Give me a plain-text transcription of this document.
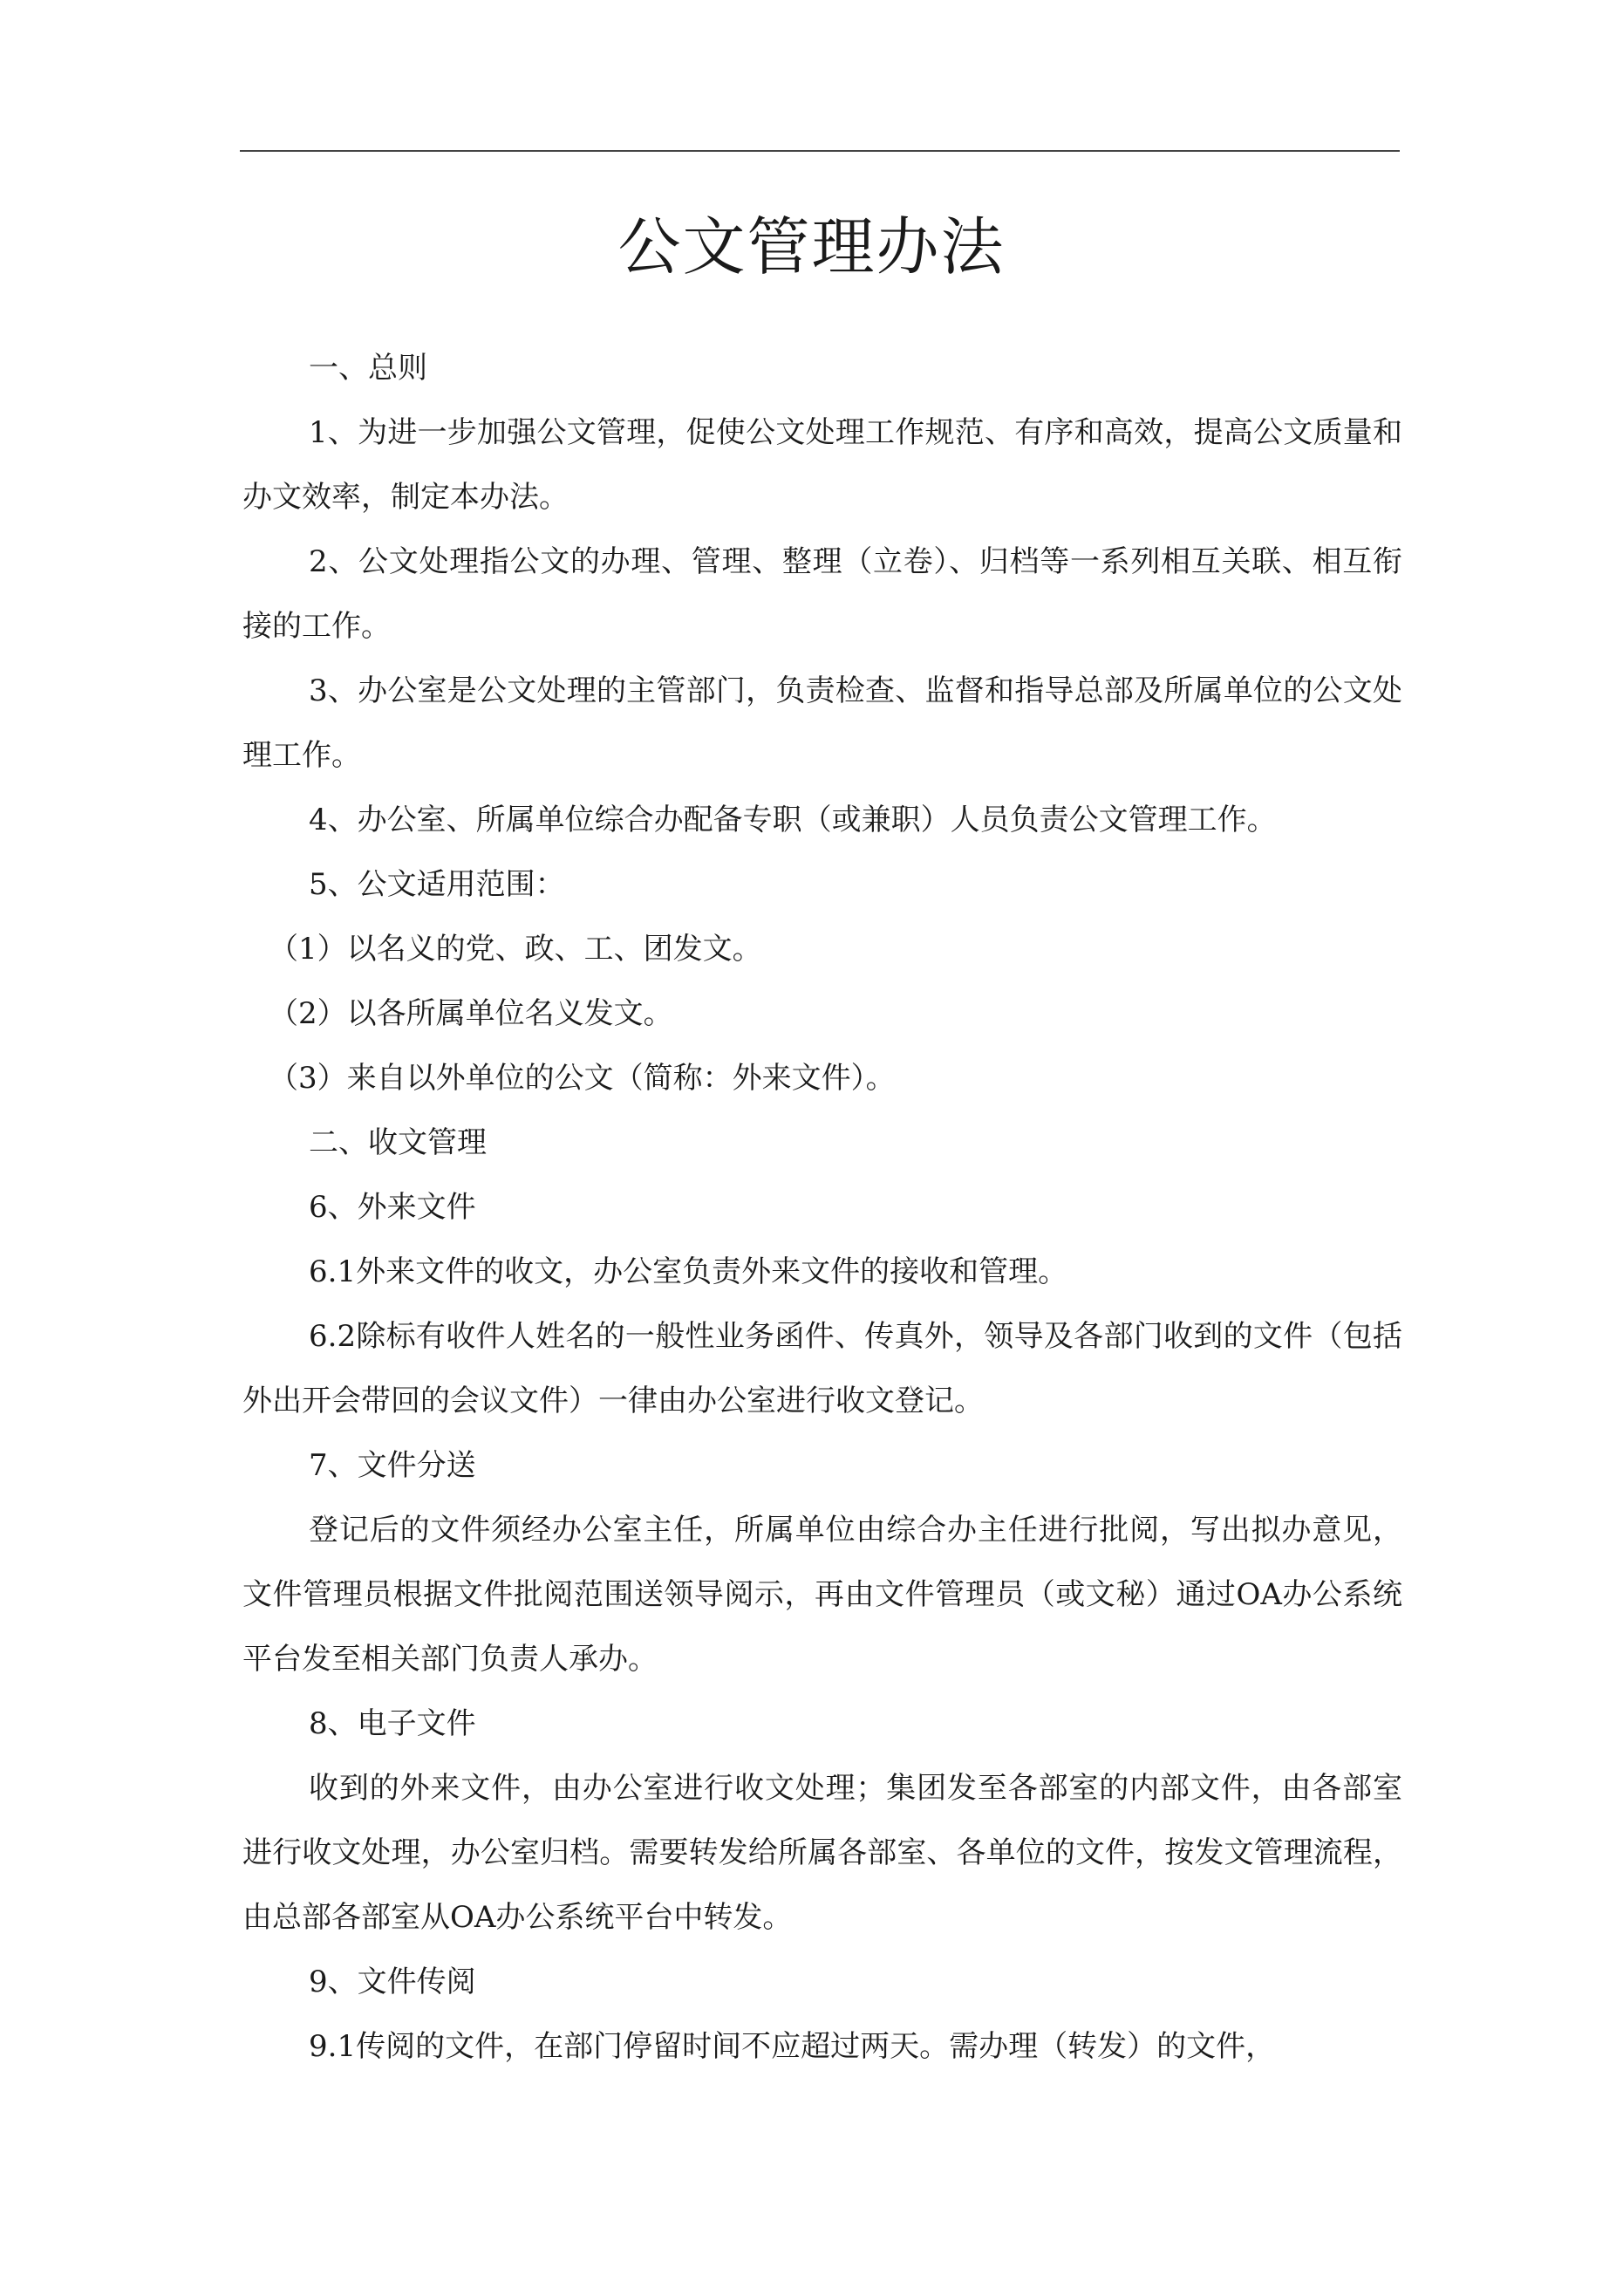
公文管理办法

一、总则

1、为进一步加强公文管理，促使公文处理工作规范、有序和高效，提高公文质量和办文效率，制定本办法。

2、公文处理指公文的办理、管理、整理（立卷）、归档等一系列相互关联、相互衔接的工作。

3、办公室是公文处理的主管部门，负责检查、监督和指导总部及所属单位的公文处理工作。

4、办公室、所属单位综合办配备专职（或兼职）人员负责公文管理工作。

5、公文适用范围：

（1）以名义的党、政、工、团发文。

（2）以各所属单位名义发文。

（3）来自以外单位的公文（简称：外来文件）。

二、收文管理

6、外来文件

6.1外来文件的收文，办公室负责外来文件的接收和管理。

6.2除标有收件人姓名的一般性业务函件、传真外，领导及各部门收到的文件（包括外出开会带回的会议文件）一律由办公室进行收文登记。

7、文件分送

登记后的文件须经办公室主任，所属单位由综合办主任进行批阅，写出拟办意见，文件管理员根据文件批阅范围送领导阅示，再由文件管理员（或文秘）通过OA办公系统平台发至相关部门负责人承办。

8、电子文件

收到的外来文件，由办公室进行收文处理；集团发至各部室的内部文件，由各部室进行收文处理，办公室归档。需要转发给所属各部室、各单位的文件，按发文管理流程，由总部各部室从OA办公系统平台中转发。

9、文件传阅

9.1传阅的文件，在部门停留时间不应超过两天。需办理（转发）的文件，
